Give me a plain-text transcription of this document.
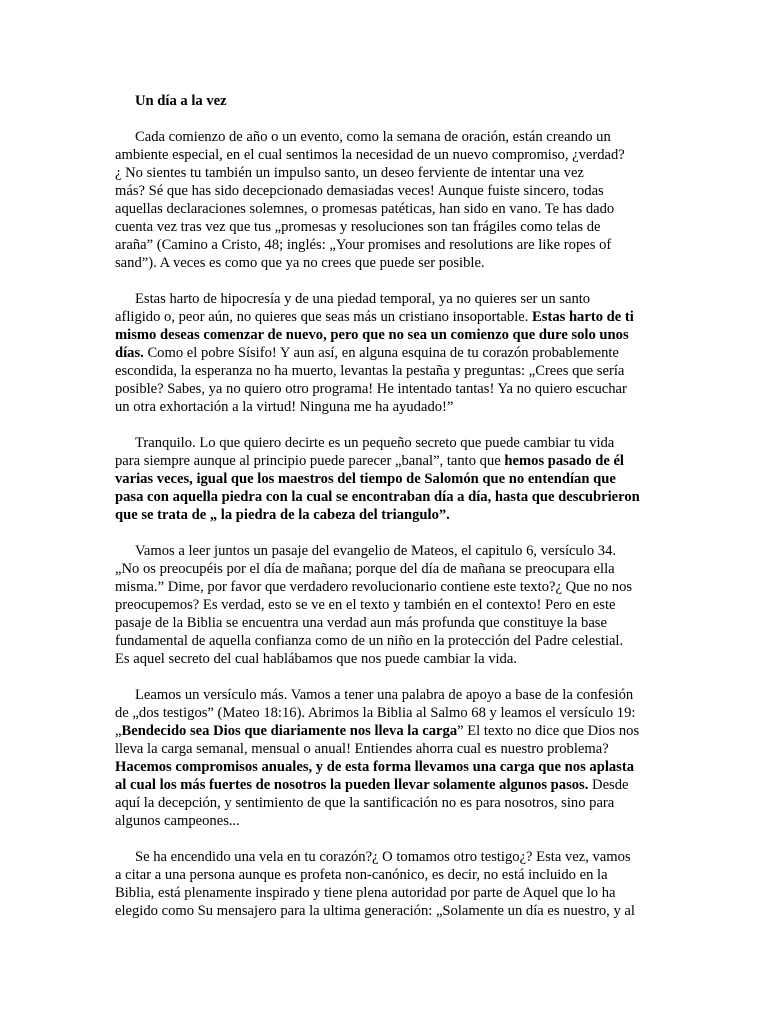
Un día a la vez
Cada comienzo de año o un evento, como la semana de oración, están creando un
ambiente especial, en el cual sentimos la necesidad de un nuevo compromiso, ¿verdad?
¿ No sientes tu también un impulso santo, un deseo ferviente de intentar una vez
más? Sé que has sido decepcionado demasiadas veces! Aunque fuiste sincero, todas
aquellas declaraciones solemnes, o promesas patéticas, han sido en vano. Te has dado
cuenta vez tras vez que tus „promesas y resoluciones son tan frágiles como telas de
araña” (Camino a Cristo, 48; inglés: „Your promises and resolutions are like ropes of
sand”). A veces es como que ya no crees que puede ser posible.
Estas harto de hipocresía y de una piedad temporal, ya no quieres ser un santo
afligido o, peor aún, no quieres que seas más un cristiano insoportable. Estas harto de ti
mismo deseas comenzar de nuevo, pero que no sea un comienzo que dure solo unos
días. Como el pobre Sísifo! Y aun así, en alguna esquina de tu corazón probablemente
escondida, la esperanza no ha muerto, levantas la pestaña y preguntas: „Crees que sería
posible? Sabes, ya no quiero otro programa! He intentado tantas! Ya no quiero escuchar
un otra exhortación a la virtud! Ninguna me ha ayudado!”
Tranquilo. Lo que quiero decirte es un pequeño secreto que puede cambiar tu vida
para siempre aunque al principio puede parecer „banal”, tanto que hemos pasado de él
varias veces, igual que los maestros del tiempo de Salomón que no entendían que
pasa con aquella piedra con la cual se encontraban día a día, hasta que descubrieron
que se trata de „ la piedra de la cabeza del triangulo”.
Vamos a leer juntos un pasaje del evangelio de Mateos, el capitulo 6, versículo 34.
„No os preocupéis por el día de mañana; porque del día de mañana se preocupara ella
misma.” Dime, por favor que verdadero revolucionario contiene este texto?¿ Que no nos
preocupemos? Es verdad, esto se ve en el texto y también en el contexto! Pero en este
pasaje de la Biblia se encuentra una verdad aun más profunda que constituye la base
fundamental de aquella confianza como de un niño en la protección del Padre celestial.
Es aquel secreto del cual hablábamos que nos puede cambiar la vida.
Leamos un versículo más. Vamos a tener una palabra de apoyo a base de la confesión
de „dos testigos” (Mateo 18:16). Abrimos la Biblia al Salmo 68 y leamos el versículo 19:
„Bendecido sea Dios que diariamente nos lleva la carga” El texto no dice que Dios nos
lleva la carga semanal, mensual o anual! Entiendes ahorra cual es nuestro problema?
Hacemos compromisos anuales, y de esta forma llevamos una carga que nos aplasta
al cual los más fuertes de nosotros la pueden llevar solamente algunos pasos. Desde
aquí la decepción, y sentimiento de que la santificación no es para nosotros, sino para
algunos campeones...
Se ha encendido una vela en tu corazón?¿ O tomamos otro testigo¿? Esta vez, vamos
a citar a una persona aunque es profeta non-canónico, es decir, no está incluido en la
Biblia, está plenamente inspirado y tiene plena autoridad por parte de Aquel que lo ha
elegido como Su mensajero para la ultima generación: „Solamente un día es nuestro, y al
